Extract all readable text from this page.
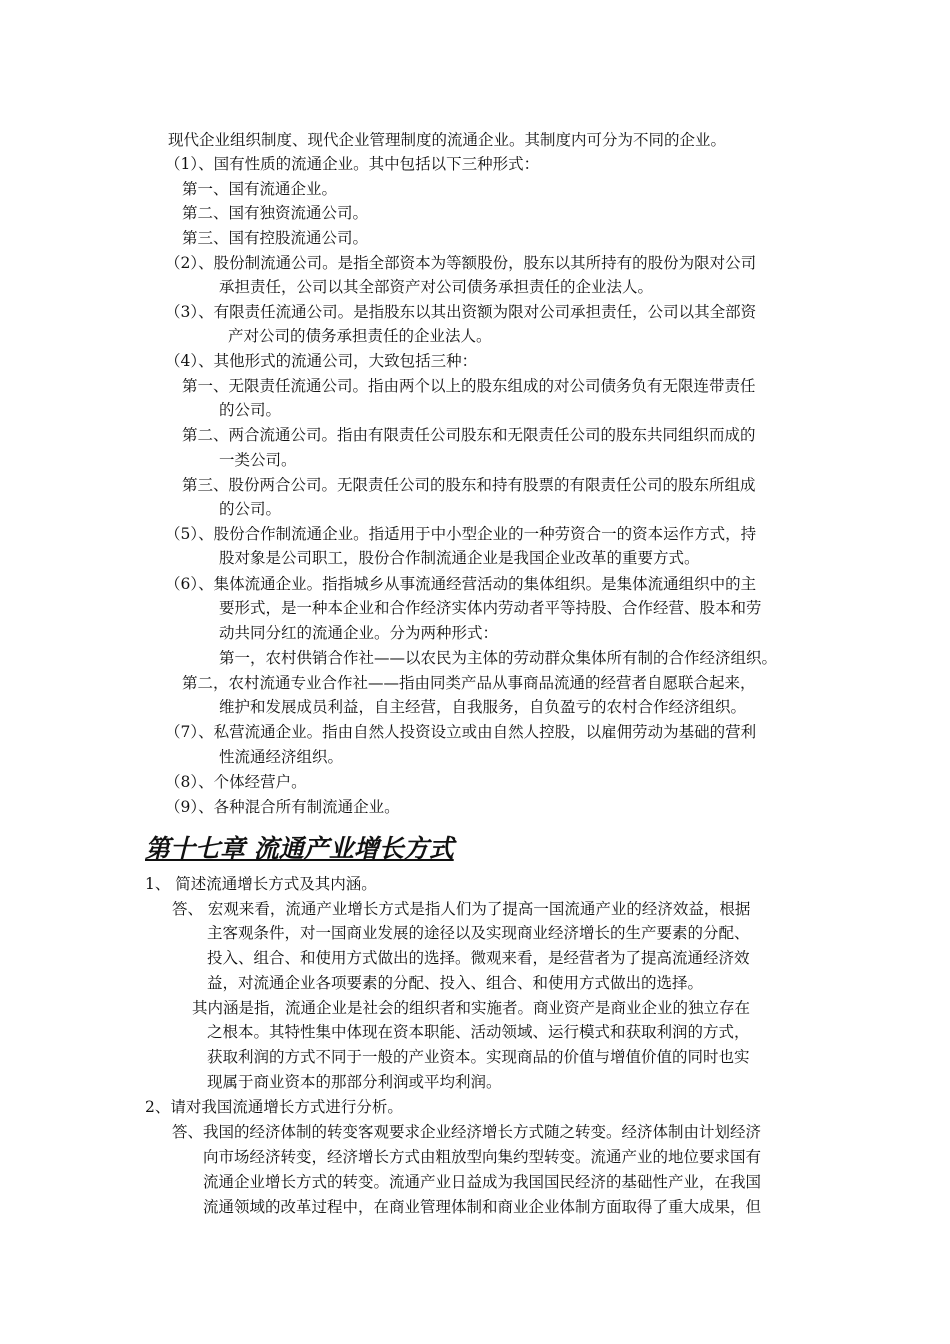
现代企业组织制度、现代企业管理制度的流通企业。其制度内可分为不同的企业。
（1）、国有性质的流通企业。其中包括以下三种形式：
第一、国有流通企业。
第二、国有独资流通公司。
第三、国有控股流通公司。
（2）、股份制流通公司。是指全部资本为等额股份，股东以其所持有的股份为限对公司
承担责任，公司以其全部资产对公司债务承担责任的企业法人。
（3）、有限责任流通公司。是指股东以其出资额为限对公司承担责任，公司以其全部资
产对公司的债务承担责任的企业法人。
（4）、其他形式的流通公司，大致包括三种：
第一、无限责任流通公司。指由两个以上的股东组成的对公司债务负有无限连带责任
的公司。
第二、两合流通公司。指由有限责任公司股东和无限责任公司的股东共同组织而成的
一类公司。
第三、股份两合公司。无限责任公司的股东和持有股票的有限责任公司的股东所组成
的公司。
（5）、股份合作制流通企业。指适用于中小型企业的一种劳资合一的资本运作方式，持
股对象是公司职工，股份合作制流通企业是我国企业改革的重要方式。
（6）、集体流通企业。指指城乡从事流通经营活动的集体组织。是集体流通组织中的主
要形式，是一种本企业和合作经济实体内劳动者平等持股、合作经营、股本和劳
动共同分红的流通企业。分为两种形式：
第一，农村供销合作社——以农民为主体的劳动群众集体所有制的合作经济组织。
第二，农村流通专业合作社——指由同类产品从事商品流通的经营者自愿联合起来，
维护和发展成员利益，自主经营，自我服务，自负盈亏的农村合作经济组织。
（7）、私营流通企业。指由自然人投资设立或由自然人控股，以雇佣劳动为基础的营利
性流通经济组织。
（8）、个体经营户。
（9）、各种混合所有制流通企业。
第十七章 流通产业增长方式
1、 简述流通增长方式及其内涵。
答、 宏观来看，流通产业增长方式是指人们为了提高一国流通产业的经济效益，根据
主客观条件，对一国商业发展的途径以及实现商业经济增长的生产要素的分配、
投入、组合、和使用方式做出的选择。微观来看，是经营者为了提高流通经济效
益，对流通企业各项要素的分配、投入、组合、和使用方式做出的选择。
其内涵是指，流通企业是社会的组织者和实施者。商业资产是商业企业的独立存在
之根本。其特性集中体现在资本职能、活动领域、运行模式和获取利润的方式，
获取利润的方式不同于一般的产业资本。实现商品的价值与增值价值的同时也实
现属于商业资本的那部分利润或平均利润。
2、请对我国流通增长方式进行分析。
答、我国的经济体制的转变客观要求企业经济增长方式随之转变。经济体制由计划经济
向市场经济转变，经济增长方式由粗放型向集约型转变。流通产业的地位要求国有
流通企业增长方式的转变。流通产业日益成为我国国民经济的基础性产业，在我国
流通领域的改革过程中，在商业管理体制和商业企业体制方面取得了重大成果，但
